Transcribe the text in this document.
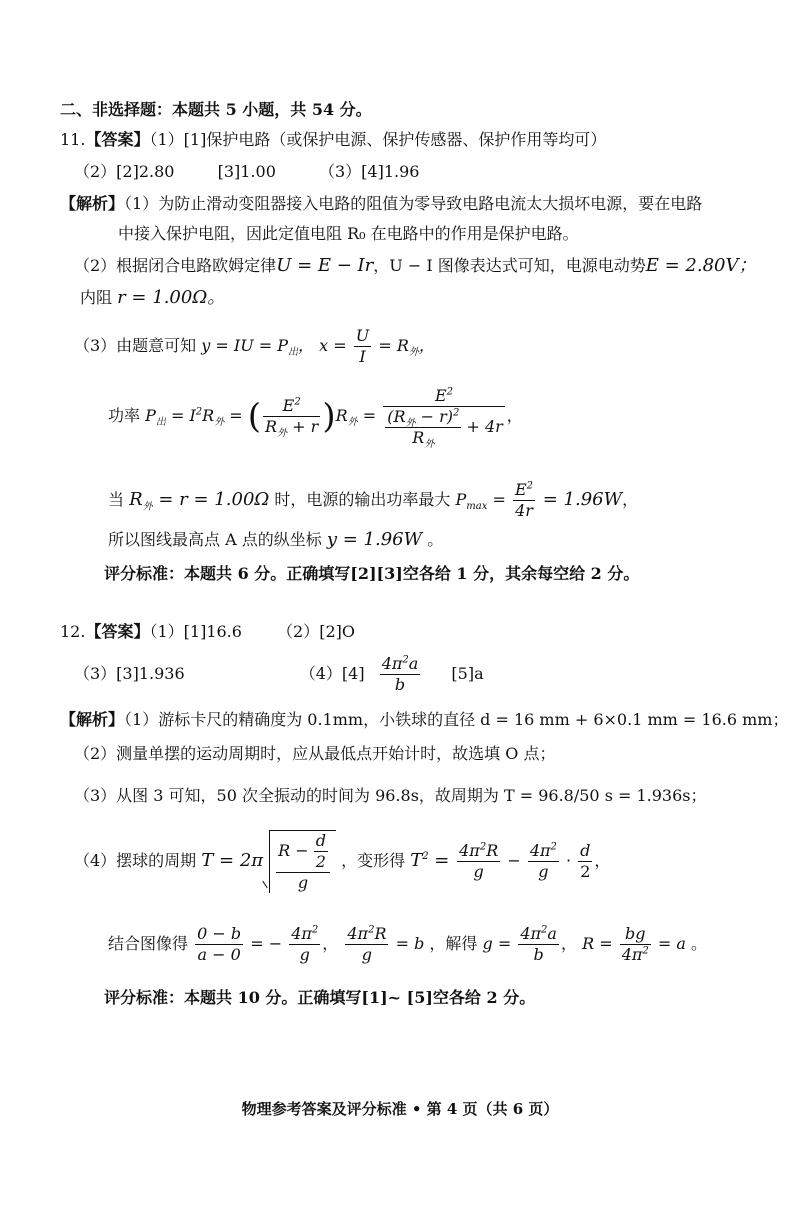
二、非选择题：本题共 5 小题，共 54 分。
11.【答案】（1）[1]保护电路（或保护电源、保护传感器、保护作用等均可）
（2）[2]2.80	[3]1.00	（3）[4]1.96
【解析】（1）为防止滑动变阻器接入电路的阻值为零导致电路电流太大损坏电源，要在电路
中接入保护电阻，因此定值电阻 R₀ 在电路中的作用是保护电路。
（2）根据闭合电路欧姆定律U = E − Ir，U − I 图像表达式可知，电源电动势E = 2.80V；
内阻 r = 1.00Ω。
（3）由题意可知 y = IU = $P_出$， $x = \frac{U}{I} = R_外$，
功率 $P_出 = I^2R_外$ = ( $\frac{E^2}{R_外 + r} )R_外 = \frac{E^2}{\frac{(R_外 - r)^2}{R_外} + 4r}$ ，
当 $R_外 = r = 1.00\Omega$ 时，电源的输出功率最大 $P_{max} = \frac{E^2}{4r} = 1.96W$，
所以图线最高点 A 点的纵坐标 y = 1.96W 。
评分标准：本题共 6 分。正确填写[2][3]空各给 1 分，其余每空给 2 分。
12.【答案】（1）[1]16.6 （2）[2]O
（3）[3]1.936	$(4)[4] \frac{4\pi^2a}{b} [5]a$
【解析】（1）游标卡尺的精确度为 0.1mm，小铁球的直径 d = 16 mm + 6×0.1 mm = 16.6 mm；
（2）测量单摆的运动周期时，应从最低点开始计时，故选填 O 点；
（3）从图 3 可知，50 次全振动的时间为 96.8s，故周期为 T = 96.8/50 s = 1.936s；
（4）摆球的周期 $T = 2\pi \frac{R - \frac{d}{2}}{g}$ ，变形得 $T^2 = \frac{4\pi^2R}{g} - \frac{4\pi^2}{g} \cdot \frac{d}{2}$ ，
结合图像得 $\frac{0 - b}{a - 0}$ = − $\frac{4\pi^2}{g}$ ， $\frac{4\pi^2R}{g} = b$ ，解得 $g = \frac{4\pi^2a}{b}$ ， $R = \frac{bg}{4\pi^2} = a$ 。
评分标准：本题共 10 分。正确填写[1]~ [5]空各给 2 分。
物理参考答案及评分标准 • 第 4 页（共 6 页）
